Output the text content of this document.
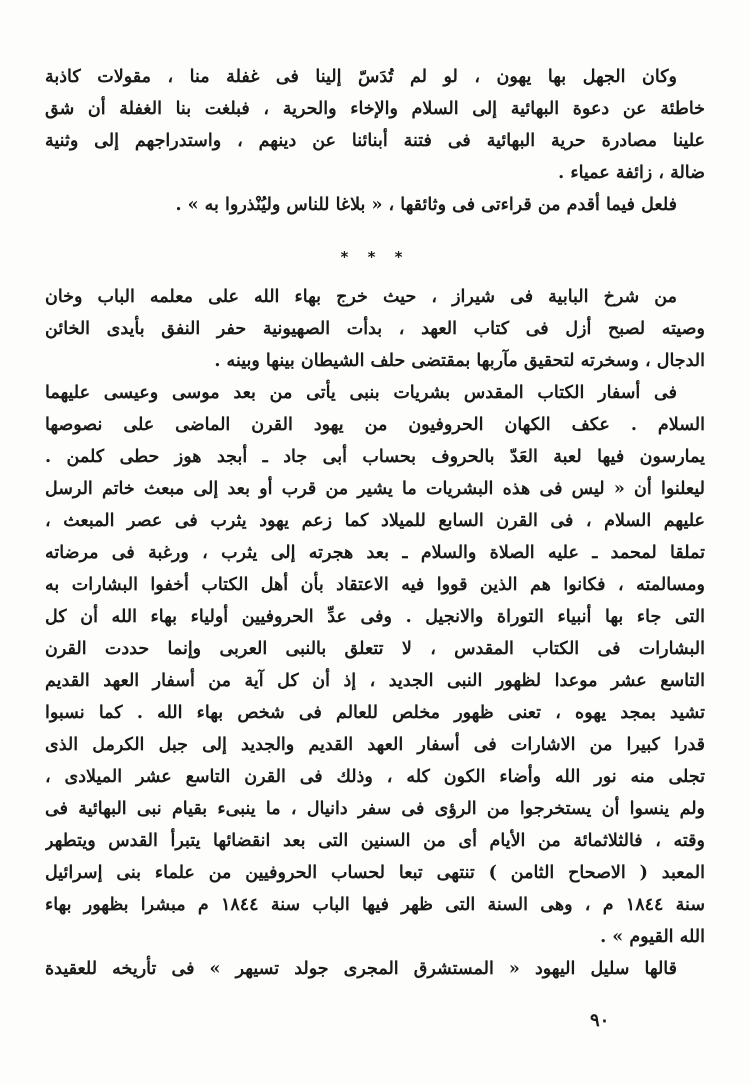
وكان الجهل بها يهون ، لو لم تُدَسّ إلينا فى غفلة منا ، مقولات كاذبة
خاطئة عن دعوة البهائية إلى السلام والإخاء والحرية ، فبلغت بنا الغفلة أن شق
علينا مصادرة حرية البهائية فى فتنة أبنائنا عن دينهم ، واستدراجهم إلى وثنية
ضالة ، زائفة عمياء .
فلعل فيما أقدم من قراءتى فى وثائقها ، « بلاغا للناس وليُنْذروا به » .
* * *
من شرخ البابية فى شيراز ، حيث خرج بهاء الله على معلمه الباب وخان
وصيته لصبح أزل فى كتاب العهد ، بدأت الصهيونية حفر النفق بأيدى الخائن
الدجال ، وسخرته لتحقيق مآربها بمقتضى حلف الشيطان بينها وبينه .
فى أسفار الكتاب المقدس بشريات بنبى يأتى من بعد موسى وعيسى عليهما
السلام . عكف الكهان الحروفيون من يهود القرن الماضى على نصوصها
يمارسون فيها لعبة العَدّ بالحروف بحساب أبى جاد ـ أبجد هوز حطى كلمن .
ليعلنوا أن « ليس فى هذه البشريات ما يشير من قرب أو بعد إلى مبعث خاتم الرسل
عليهم السلام ، فى القرن السابع للميلاد كما زعم يهود يثرب فى عصر المبعث ،
تملقا لمحمد ـ عليه الصلاة والسلام ـ بعد هجرته إلى يثرب ، ورغبة فى مرضاته
ومسالمته ، فكانوا هم الذين قووا فيه الاعتقاد بأن أهل الكتاب أخفوا البشارات به
التى جاء بها أنبياء التوراة والانجيل . وفى عدِّ الحروفيين أولياء بهاء الله أن كل
البشارات فى الكتاب المقدس ، لا تتعلق بالنبى العربى وإنما حددت القرن
التاسع عشر موعدا لظهور النبى الجديد ، إذ أن كل آية من أسفار العهد القديم
تشيد بمجد يهوه ، تعنى ظهور مخلص للعالم فى شخص بهاء الله . كما نسبوا
قدرا كبيرا من الاشارات فى أسفار العهد القديم والجديد إلى جبل الكرمل الذى
تجلى منه نور الله وأضاء الكون كله ، وذلك فى القرن التاسع عشر الميلادى ،
ولم ينسوا أن يستخرجوا من الرؤى فى سفر دانيال ، ما ينبىء بقيام نبى البهائية فى
وقته ، فالثلاثمائة من الأيام أى من السنين التى بعد انقضائها يتبرأ القدس ويتطهر
المعبد ( الاصحاح الثامن ) تنتهى تبعا لحساب الحروفيين من علماء بنى إسرائيل
سنة ١٨٤٤ م ، وهى السنة التى ظهر فيها الباب سنة ١٨٤٤ م مبشرا بظهور بهاء
الله القيوم » .
قالها سليل اليهود « المستشرق المجرى جولد تسيهر » فى تأريخه للعقيدة
٩٠
